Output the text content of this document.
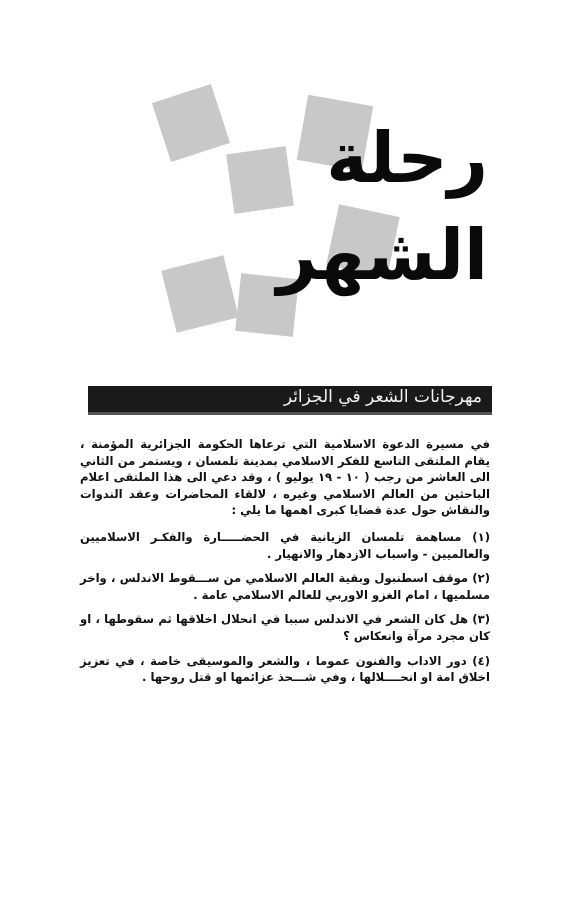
رحلة
الشهر
مهرجانات الشعر في الجزائر

في مسيرة الدعوة الاسلامية التي ترعاها الحكومة الجزائرية المؤمنة ، يقام الملتقى التاسع للفكر الاسلامي بمدينة تلمسان ، ويستمر من الثاني الى العاشر من رجب ( ١٠ - ١٩ يوليو ) ، وقد دعي الى هذا الملتقى اعلام الباحثين من العالم الاسلامي وغيره ، لالقاء المحاضرات وعقد الندوات والنقاش حول عدة قضايا كبرى اهمها ما يلي :

(١) مساهمة تلمسان الزيانية في الحضـــــارة والفكـر الاسلاميين والعالميين - واسباب الازدهار والانهيار .

(٢) موقف اسطنبول وبقية العالم الاسلامي من ســـقوط الاندلس ، واخر مسلميها ، امام الغزو الاوربي للعالم الاسلامي عامة .

(٣) هل كان الشعر في الاندلس سببا في انحلال اخلاقها ثم سقوطها ، او كان مجرد مرآة وانعكاس ؟

(٤) دور الاداب والفنون عموما ، والشعر والموسيقى خاصة ، في تعزيز اخلاق امة او انحــــلالها ، وفي شـــحذ عزائمها او قتل روحها .
